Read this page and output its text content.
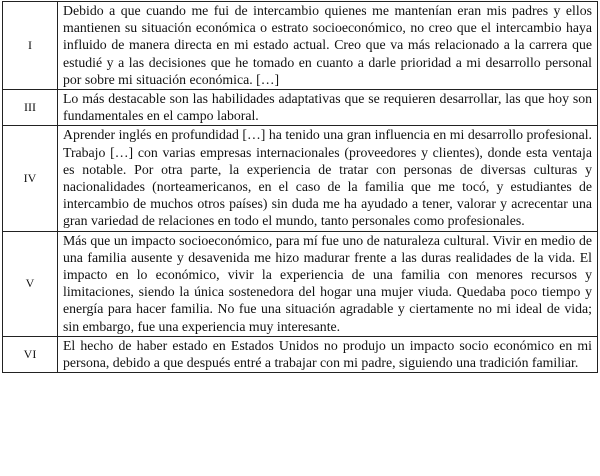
I	Debido a que cuando me fui de intercambio quienes me mantenían eran mis padres y ellos mantienen su situación económica o estrato socioeconómico, no creo que el intercambio haya influido de manera directa en mi estado actual. Creo que va más relacionado a la carrera que estudié y a las decisiones que he tomado en cuanto a darle prioridad a mi desarrollo personal por sobre mi situación económica. […]
III	Lo más destacable son las habilidades adaptativas que se requieren desarrollar, las que hoy son fundamentales en el campo laboral.
IV	Aprender inglés en profundidad […] ha tenido una gran influencia en mi desarrollo profesional. Trabajo […] con varias empresas internacionales (proveedores y clientes), donde esta ventaja es notable. Por otra parte, la experiencia de tratar con personas de diversas culturas y nacionalidades (norteamericanos, en el caso de la familia que me tocó, y estudiantes de intercambio de muchos otros países) sin duda me ha ayudado a tener, valorar y acrecentar una gran variedad de relaciones en todo el mundo, tanto personales como profesionales.
V	Más que un impacto socioeconómico, para mí fue uno de naturaleza cultural. Vivir en medio de una familia ausente y desavenida me hizo madurar frente a las duras realidades de la vida. El impacto en lo económico, vivir la experiencia de una familia con menores recursos y limitaciones, siendo la única sostenedora del hogar una mujer viuda. Quedaba poco tiempo y energía para hacer familia. No fue una situación agradable y ciertamente no mi ideal de vida; sin embargo, fue una experiencia muy interesante.
VI	El hecho de haber estado en Estados Unidos no produjo un impacto socio económico en mi persona, debido a que después entré a trabajar con mi padre, siguiendo una tradición familiar.
